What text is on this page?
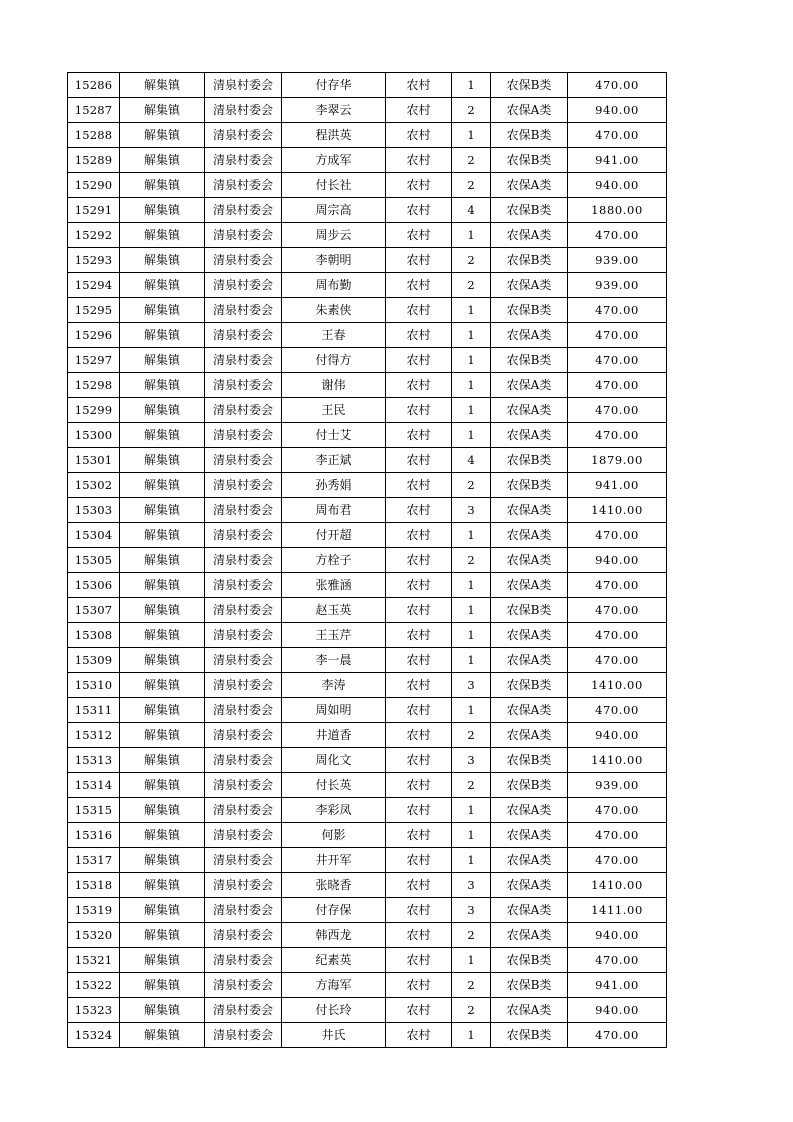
15286	解集镇	清泉村委会	付存华	农村	1	农保B类	470.00
15287	解集镇	清泉村委会	李翠云	农村	2	农保A类	940.00
15288	解集镇	清泉村委会	程洪英	农村	1	农保B类	470.00
15289	解集镇	清泉村委会	方成军	农村	2	农保B类	941.00
15290	解集镇	清泉村委会	付长社	农村	2	农保A类	940.00
15291	解集镇	清泉村委会	周宗高	农村	4	农保B类	1880.00
15292	解集镇	清泉村委会	周步云	农村	1	农保A类	470.00
15293	解集镇	清泉村委会	李朝明	农村	2	农保B类	939.00
15294	解集镇	清泉村委会	周布勤	农村	2	农保A类	939.00
15295	解集镇	清泉村委会	朱素侠	农村	1	农保B类	470.00
15296	解集镇	清泉村委会	王春	农村	1	农保A类	470.00
15297	解集镇	清泉村委会	付得方	农村	1	农保B类	470.00
15298	解集镇	清泉村委会	谢伟	农村	1	农保A类	470.00
15299	解集镇	清泉村委会	王民	农村	1	农保A类	470.00
15300	解集镇	清泉村委会	付士艾	农村	1	农保A类	470.00
15301	解集镇	清泉村委会	李正斌	农村	4	农保B类	1879.00
15302	解集镇	清泉村委会	孙秀娟	农村	2	农保B类	941.00
15303	解集镇	清泉村委会	周布君	农村	3	农保A类	1410.00
15304	解集镇	清泉村委会	付开超	农村	1	农保A类	470.00
15305	解集镇	清泉村委会	方栓子	农村	2	农保A类	940.00
15306	解集镇	清泉村委会	张雅涵	农村	1	农保A类	470.00
15307	解集镇	清泉村委会	赵玉英	农村	1	农保B类	470.00
15308	解集镇	清泉村委会	王玉芹	农村	1	农保A类	470.00
15309	解集镇	清泉村委会	李一晨	农村	1	农保A类	470.00
15310	解集镇	清泉村委会	李涛	农村	3	农保B类	1410.00
15311	解集镇	清泉村委会	周如明	农村	1	农保A类	470.00
15312	解集镇	清泉村委会	井道香	农村	2	农保A类	940.00
15313	解集镇	清泉村委会	周化文	农村	3	农保B类	1410.00
15314	解集镇	清泉村委会	付长英	农村	2	农保B类	939.00
15315	解集镇	清泉村委会	李彩凤	农村	1	农保A类	470.00
15316	解集镇	清泉村委会	何影	农村	1	农保A类	470.00
15317	解集镇	清泉村委会	井开军	农村	1	农保A类	470.00
15318	解集镇	清泉村委会	张晓香	农村	3	农保A类	1410.00
15319	解集镇	清泉村委会	付存保	农村	3	农保A类	1411.00
15320	解集镇	清泉村委会	韩西龙	农村	2	农保A类	940.00
15321	解集镇	清泉村委会	纪素英	农村	1	农保B类	470.00
15322	解集镇	清泉村委会	方海军	农村	2	农保B类	941.00
15323	解集镇	清泉村委会	付长玲	农村	2	农保A类	940.00
15324	解集镇	清泉村委会	井氏	农村	1	农保B类	470.00
